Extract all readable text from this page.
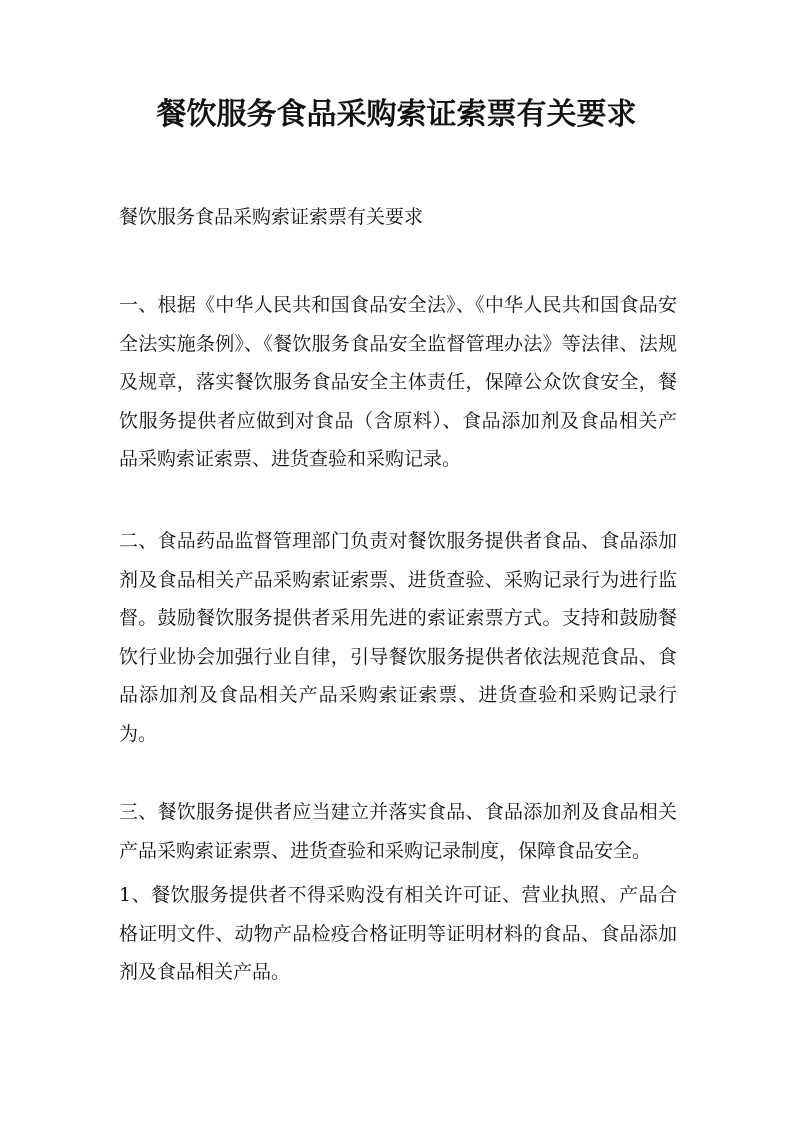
餐饮服务食品采购索证索票有关要求

餐饮服务食品采购索证索票有关要求

一、根据《中华人民共和国食品安全法》、《中华人民共和国食品安全法实施条例》、《餐饮服务食品安全监督管理办法》等法律、法规及规章，落实餐饮服务食品安全主体责任，保障公众饮食安全，餐饮服务提供者应做到对食品（含原料）、食品添加剂及食品相关产品采购索证索票、进货查验和采购记录。

二、食品药品监督管理部门负责对餐饮服务提供者食品、食品添加剂及食品相关产品采购索证索票、进货查验、采购记录行为进行监督。鼓励餐饮服务提供者采用先进的索证索票方式。支持和鼓励餐饮行业协会加强行业自律，引导餐饮服务提供者依法规范食品、食品添加剂及食品相关产品采购索证索票、进货查验和采购记录行为。

三、餐饮服务提供者应当建立并落实食品、食品添加剂及食品相关产品采购索证索票、进货查验和采购记录制度，保障食品安全。

1、餐饮服务提供者不得采购没有相关许可证、营业执照、产品合格证明文件、动物产品检疫合格证明等证明材料的食品、食品添加剂及食品相关产品。
